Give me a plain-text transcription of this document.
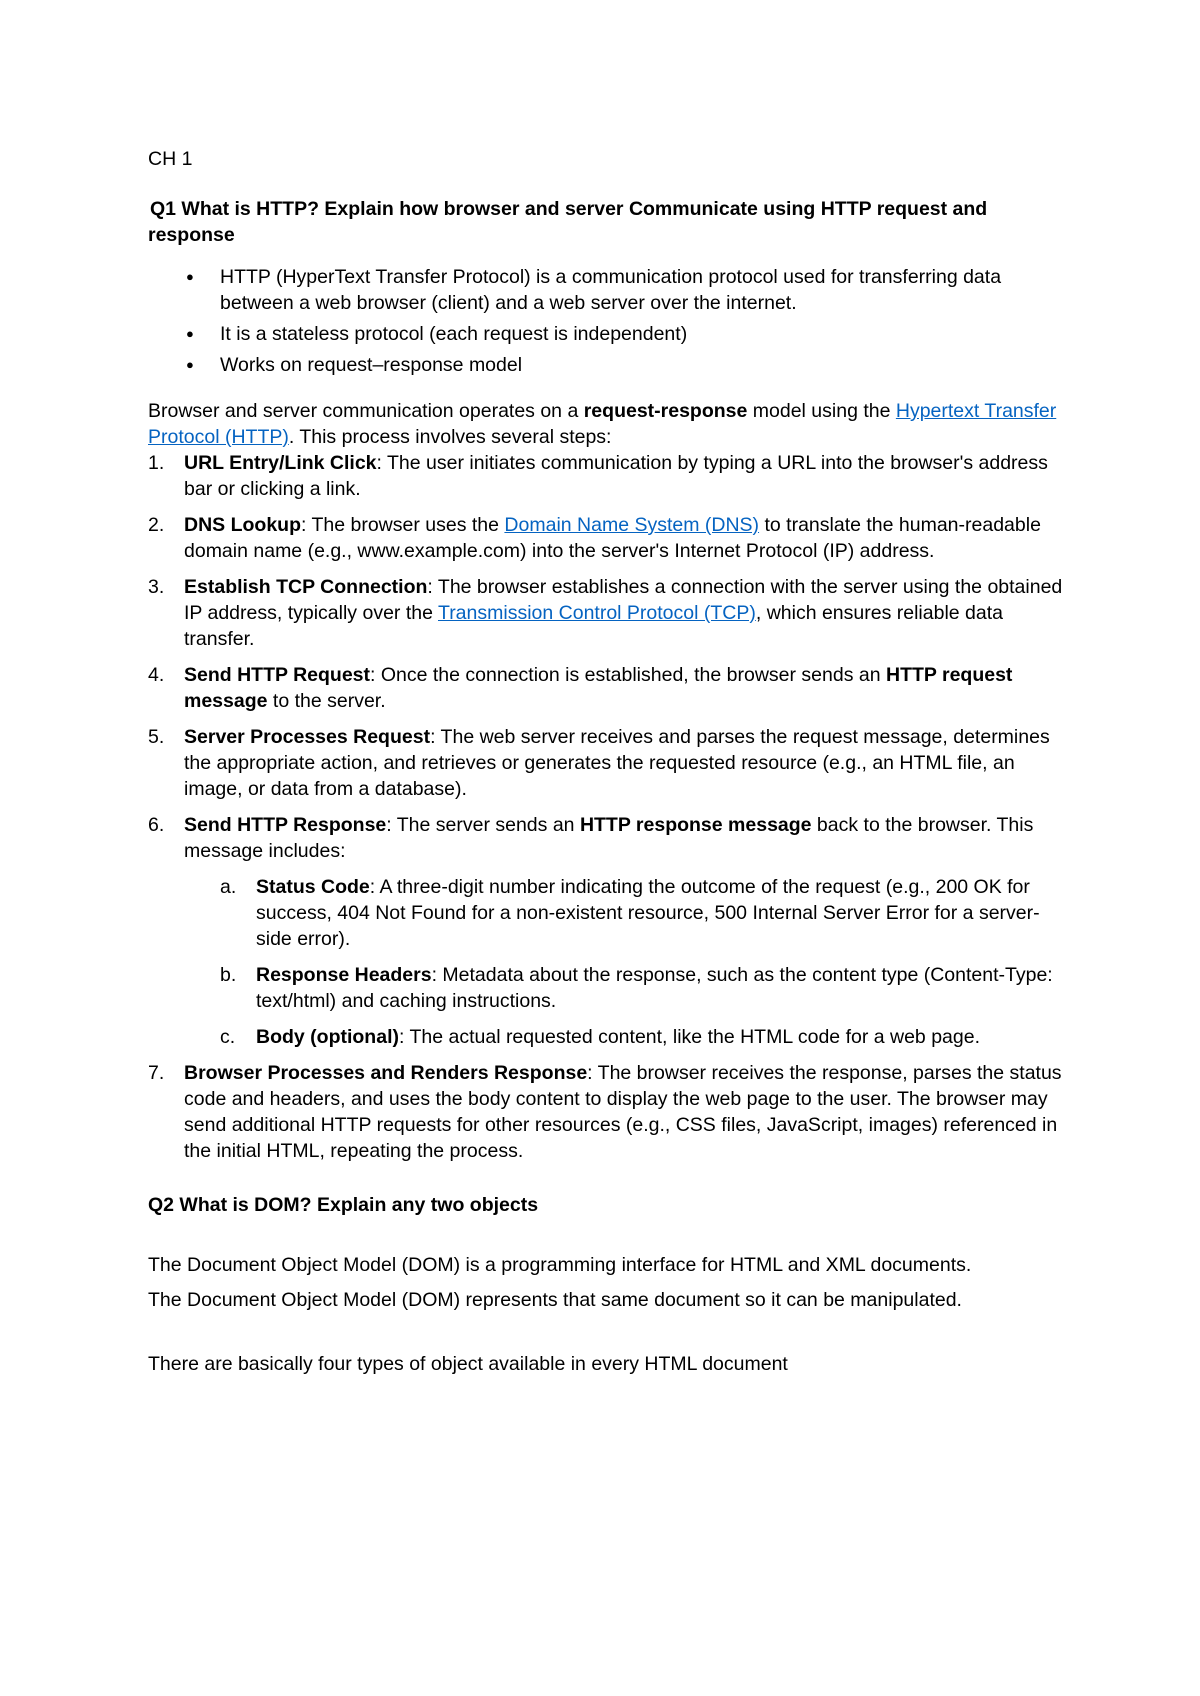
CH 1

Q1 What is HTTP? Explain how browser and server Communicate using HTTP request and response

● HTTP (HyperText Transfer Protocol) is a communication protocol used for transferring data between a web browser (client) and a web server over the internet.
● It is a stateless protocol (each request is independent)
● Works on request–response model

Browser and server communication operates on a request-response model using the Hypertext Transfer Protocol (HTTP). This process involves several steps:

1. URL Entry/Link Click: The user initiates communication by typing a URL into the browser's address bar or clicking a link.
2. DNS Lookup: The browser uses the Domain Name System (DNS) to translate the human-readable domain name (e.g., www.example.com) into the server's Internet Protocol (IP) address.
3. Establish TCP Connection: The browser establishes a connection with the server using the obtained IP address, typically over the Transmission Control Protocol (TCP), which ensures reliable data transfer.
4. Send HTTP Request: Once the connection is established, the browser sends an HTTP request message to the server.
5. Server Processes Request: The web server receives and parses the request message, determines the appropriate action, and retrieves or generates the requested resource (e.g., an HTML file, an image, or data from a database).
6. Send HTTP Response: The server sends an HTTP response message back to the browser. This message includes:
a. Status Code: A three-digit number indicating the outcome of the request (e.g., 200 OK for success, 404 Not Found for a non-existent resource, 500 Internal Server Error for a server-side error).
b. Response Headers: Metadata about the response, such as the content type (Content-Type: text/html) and caching instructions.
c. Body (optional): The actual requested content, like the HTML code for a web page.
7. Browser Processes and Renders Response: The browser receives the response, parses the status code and headers, and uses the body content to display the web page to the user. The browser may send additional HTTP requests for other resources (e.g., CSS files, JavaScript, images) referenced in the initial HTML, repeating the process.

Q2 What is DOM? Explain any two objects

The Document Object Model (DOM) is a programming interface for HTML and XML documents.

The Document Object Model (DOM) represents that same document so it can be manipulated.

There are basically four types of object available in every HTML document
